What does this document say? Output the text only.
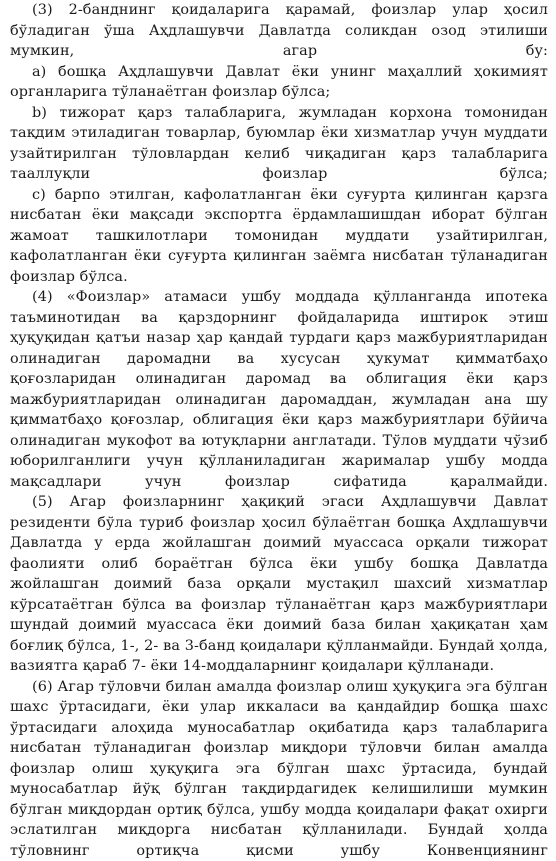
(3) 2-банднинг қоидаларига қарамай, фоизлар улар ҳосил бўладиган ўша Аҳдлашувчи Давлатда соликдан озод этилиши мумкин, агар бу:

а) бошқа Аҳдлашувчи Давлат ёки унинг маҳаллий ҳокимият органларига тўланаётган фоизлар бўлса;

b) тижорат қарз талабларига, жумладан корхона томонидан тақдим этиладиган товарлар, буюмлар ёки хизматлар учун муддати узайтирилган тўловлардан келиб чиқадиган қарз талабларига тааллуқли фоизлар бўлса;

с) барпо этилган, кафолатланган ёки суғурта қилинган қарзга нисбатан ёки мақсади экспортга ёрдамлашишдан иборат бўлган жамоат ташкилотлари томонидан муддати узайтирилган, кафолатланган ёки суғурта қилинган заёмга нисбатан тўланадиган фоизлар бўлса.

(4) «Фоизлар» атамаси ушбу моддада қўлланганда ипотека таъминотидан ва қарздорнинг фойдаларида иштирок этиш ҳуқуқидан қатъи назар ҳар қандай турдаги қарз мажбуриятларидан олинадиган даромадни ва хусусан ҳукумат қимматбаҳо қоғозларидан олинадиган даромад ва облигация ёки қарз мажбуриятларидан олинадиган даромаддан, жумладан ана шу қимматбаҳо қоғозлар, облигация ёки қарз мажбуриятлари бўйича олинадиган мукофот ва ютуқларни англатади. Тўлов муддати чўзиб юборилганлиги учун қўлланиладиган жарималар ушбу модда мақсадлари учун фоизлар сифатида қаралмайди.

(5) Агар фоизларнинг ҳақиқий эгаси Аҳдлашувчи Давлат резиденти бўла туриб фоизлар ҳосил бўлаётган бошқа Аҳдлашувчи Давлатда у ерда жойлашган доимий муассаса орқали тижорат фаолияти олиб бораётган бўлса ёки ушбу бошқа Давлатда жойлашган доимий база орқали мустақил шахсий хизматлар кўрсатаётган бўлса ва фоизлар тўланаётган қарз мажбуриятлари шундай доимий муассаса ёки доимий база билан ҳақиқатан ҳам боғлиқ бўлса, 1-, 2- ва 3-банд қоидалари қўлланмайди. Бундай ҳолда, вазиятга қараб 7- ёки 14-моддаларнинг қоидалари қўлланади.

(6) Агар тўловчи билан амалда фоизлар олиш ҳуқуқига эга бўлган шахс ўртасидаги, ёки улар иккаласи ва қандайдир бошқа шахс ўртасидаги алоҳида муносабатлар оқибатида қарз талабларига нисбатан тўланадиган фоизлар миқдори тўловчи билан амалда фоизлар олиш ҳуқуқига эга бўлган шахс ўртасида, бундай муносабатлар йўқ бўлган тақдирдагидек келишилиши мумкин бўлган миқдордан ортиқ бўлса, ушбу модда қоидалари фақат охирги эслатилган миқдорга нисбатан қўлланилади. Бундай ҳолда тўловнинг ортиқча қисми ушбу Конвенциянинг
